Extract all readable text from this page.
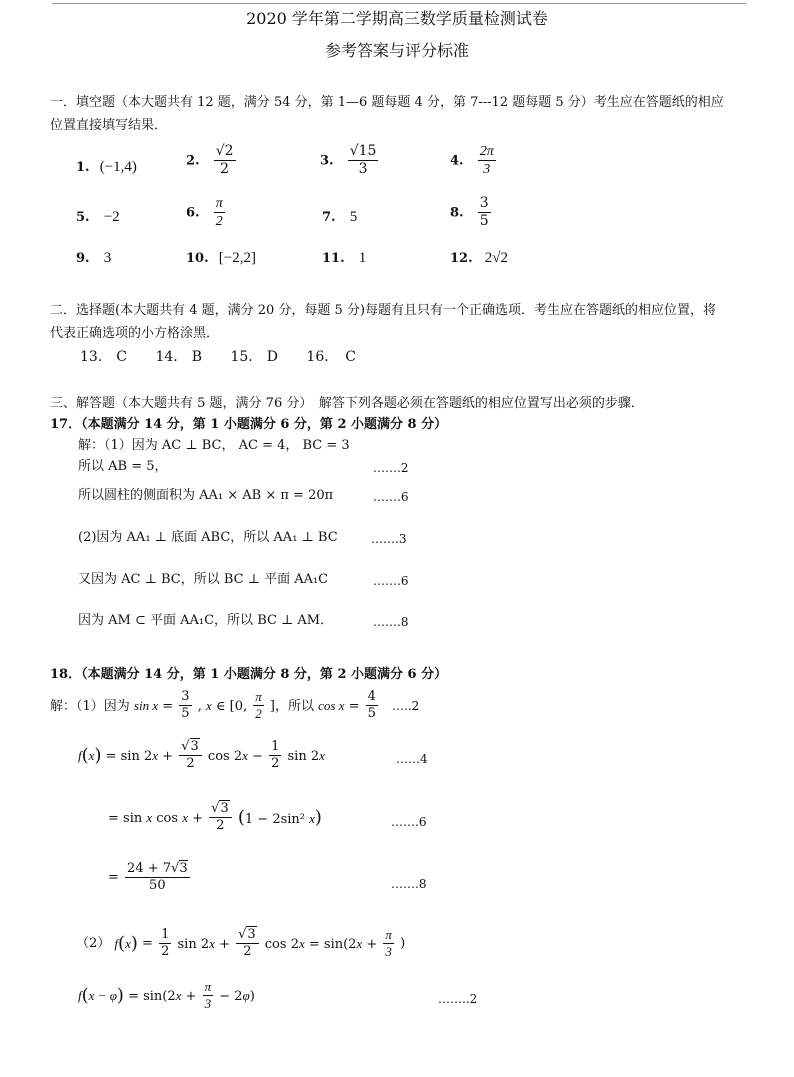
2020 学年第二学期高三数学质量检测试卷
参考答案与评分标准
一．填空题（本大题共有 12 题，满分 54 分，第 1—6 题每题 4 分，第 7---12 题每题 5 分）考生应在答题纸的相应
位置直接填写结果．
1. (−1,4)	2. $\frac{√2}{2}$	3. $\frac{√15}{3}$	4. $\frac{2\pi}{3}$
5. −2	6. $\frac{\pi}{2}$	7. 5	8. $\frac{3}{5}$
9. 3	10. [−2,2]	11. 1	12. 2√2
二．选择题(本大题共有 4 题，满分 20 分，每题 5 分)每题有且只有一个正确选项．考生应在答题纸的相应位置，将
代表正确选项的小方格涂黑．
13.　C 14.　B 15.　D 16．　C
三、解答题（本大题共有 5 题，满分 76 分）　解答下列各题必须在答题纸的相应位置写出必须的步骤．
17．（本题满分 14 分，第 1 小题满分 6 分，第 2 小题满分 8 分）
解：（1）因为 AC ⊥ BC， AC = 4， BC = 3
所以 AB = 5，	…….2
所以圆柱的侧面积为 AA₁ × AB × π = 20π	…….6
(2)因为 AA₁ ⊥ 底面 ABC，所以 AA₁ ⊥ BC	…….3
又因为 AC ⊥ BC，所以 BC ⊥ 平面 AA₁C	…….6
因为 AM ⊂ 平面 AA₁C，所以 BC ⊥ AM．	…….8
18．（本题满分 14 分，第 1 小题满分 8 分，第 2 小题满分 6 分）
解：（1）因为 $\sin x = \frac{3}{5}$ , x ∈ [0, $\frac{\pi}{2}$ ]，所以 $\cos x = \frac{4}{5}$ …..2
$f(x) = \sin 2x + \frac{√3}{2}$ $\cos 2x - \frac{1}{2}$ sin 2x	……4
= sin x $\cos x + \frac{√3}{2} (1 - 2\sin^2$ x)	…….6
= $\frac{24 + 7√3}{50}$	…….8
（2） $f(x) = \frac{1}{2}$ $\sin 2x + \frac{√3}{2}$ $\cos 2x = \sin(2x + \frac{\pi}{3}$ )
$f(x - \varphi) = \sin(2x + \frac{\pi}{3} - 2\varphi)$	……..2
